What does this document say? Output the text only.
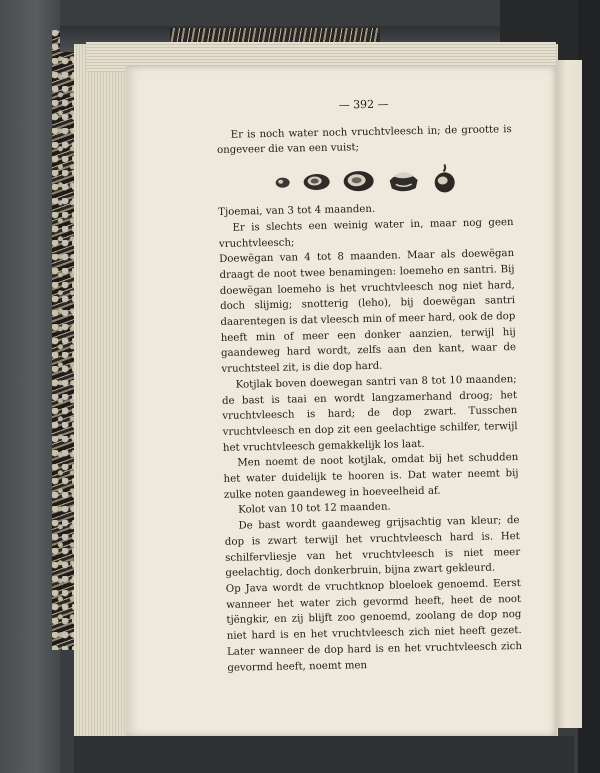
— 392 —

Er is noch water noch vruchtvleesch in; de grootte is ongeveer die van een vuist;

Tjoemai, van 3 tot 4 maanden.

Er is slechts een weinig water in, maar nog geen vruchtvleesch;

Doewëgan van 4 tot 8 maanden. Maar als doewëgan draagt de noot twee benamingen: loemeho en santri. Bij doewëgan loemeho is het vruchtvleesch nog niet hard, doch slijmig; snotterig (leho), bij doewëgan santri daarentegen is dat vleesch min of meer hard, ook de dop heeft min of meer een donker aanzien, terwijl hij gaandeweg hard wordt, zelfs aan den kant, waar de vruchtsteel zit, is die dop hard.

Kotjlak boven doewegan santri van 8 tot 10 maanden; de bast is taai en wordt langzamerhand droog; het vruchtvleesch is hard; de dop zwart. Tusschen vruchtvleesch en dop zit een geelachtige schilfer, terwijl het vruchtvleesch gemakkelijk los laat.

Men noemt de noot kotjlak, omdat bij het schudden het water duidelijk te hooren is. Dat water neemt bij zulke noten gaandeweg in hoeveelheid af.

Kolot van 10 tot 12 maanden.

De bast wordt gaandeweg grijsachtig van kleur; de dop is zwart terwijl het vruchtvleesch hard is. Het schilfervliesje van het vruchtvleesch is niet meer geelachtig, doch donkerbruin, bijna zwart gekleurd.

Op Java wordt de vruchtknop bloeloek genoemd. Eerst wanneer het water zich gevormd heeft, heet de noot tjëngkir, en zij blijft zoo genoemd, zoolang de dop nog niet hard is en het vruchtvleesch zich niet heeft gezet. Later wanneer de dop hard is en het vruchtvleesch zich gevormd heeft, noemt men
